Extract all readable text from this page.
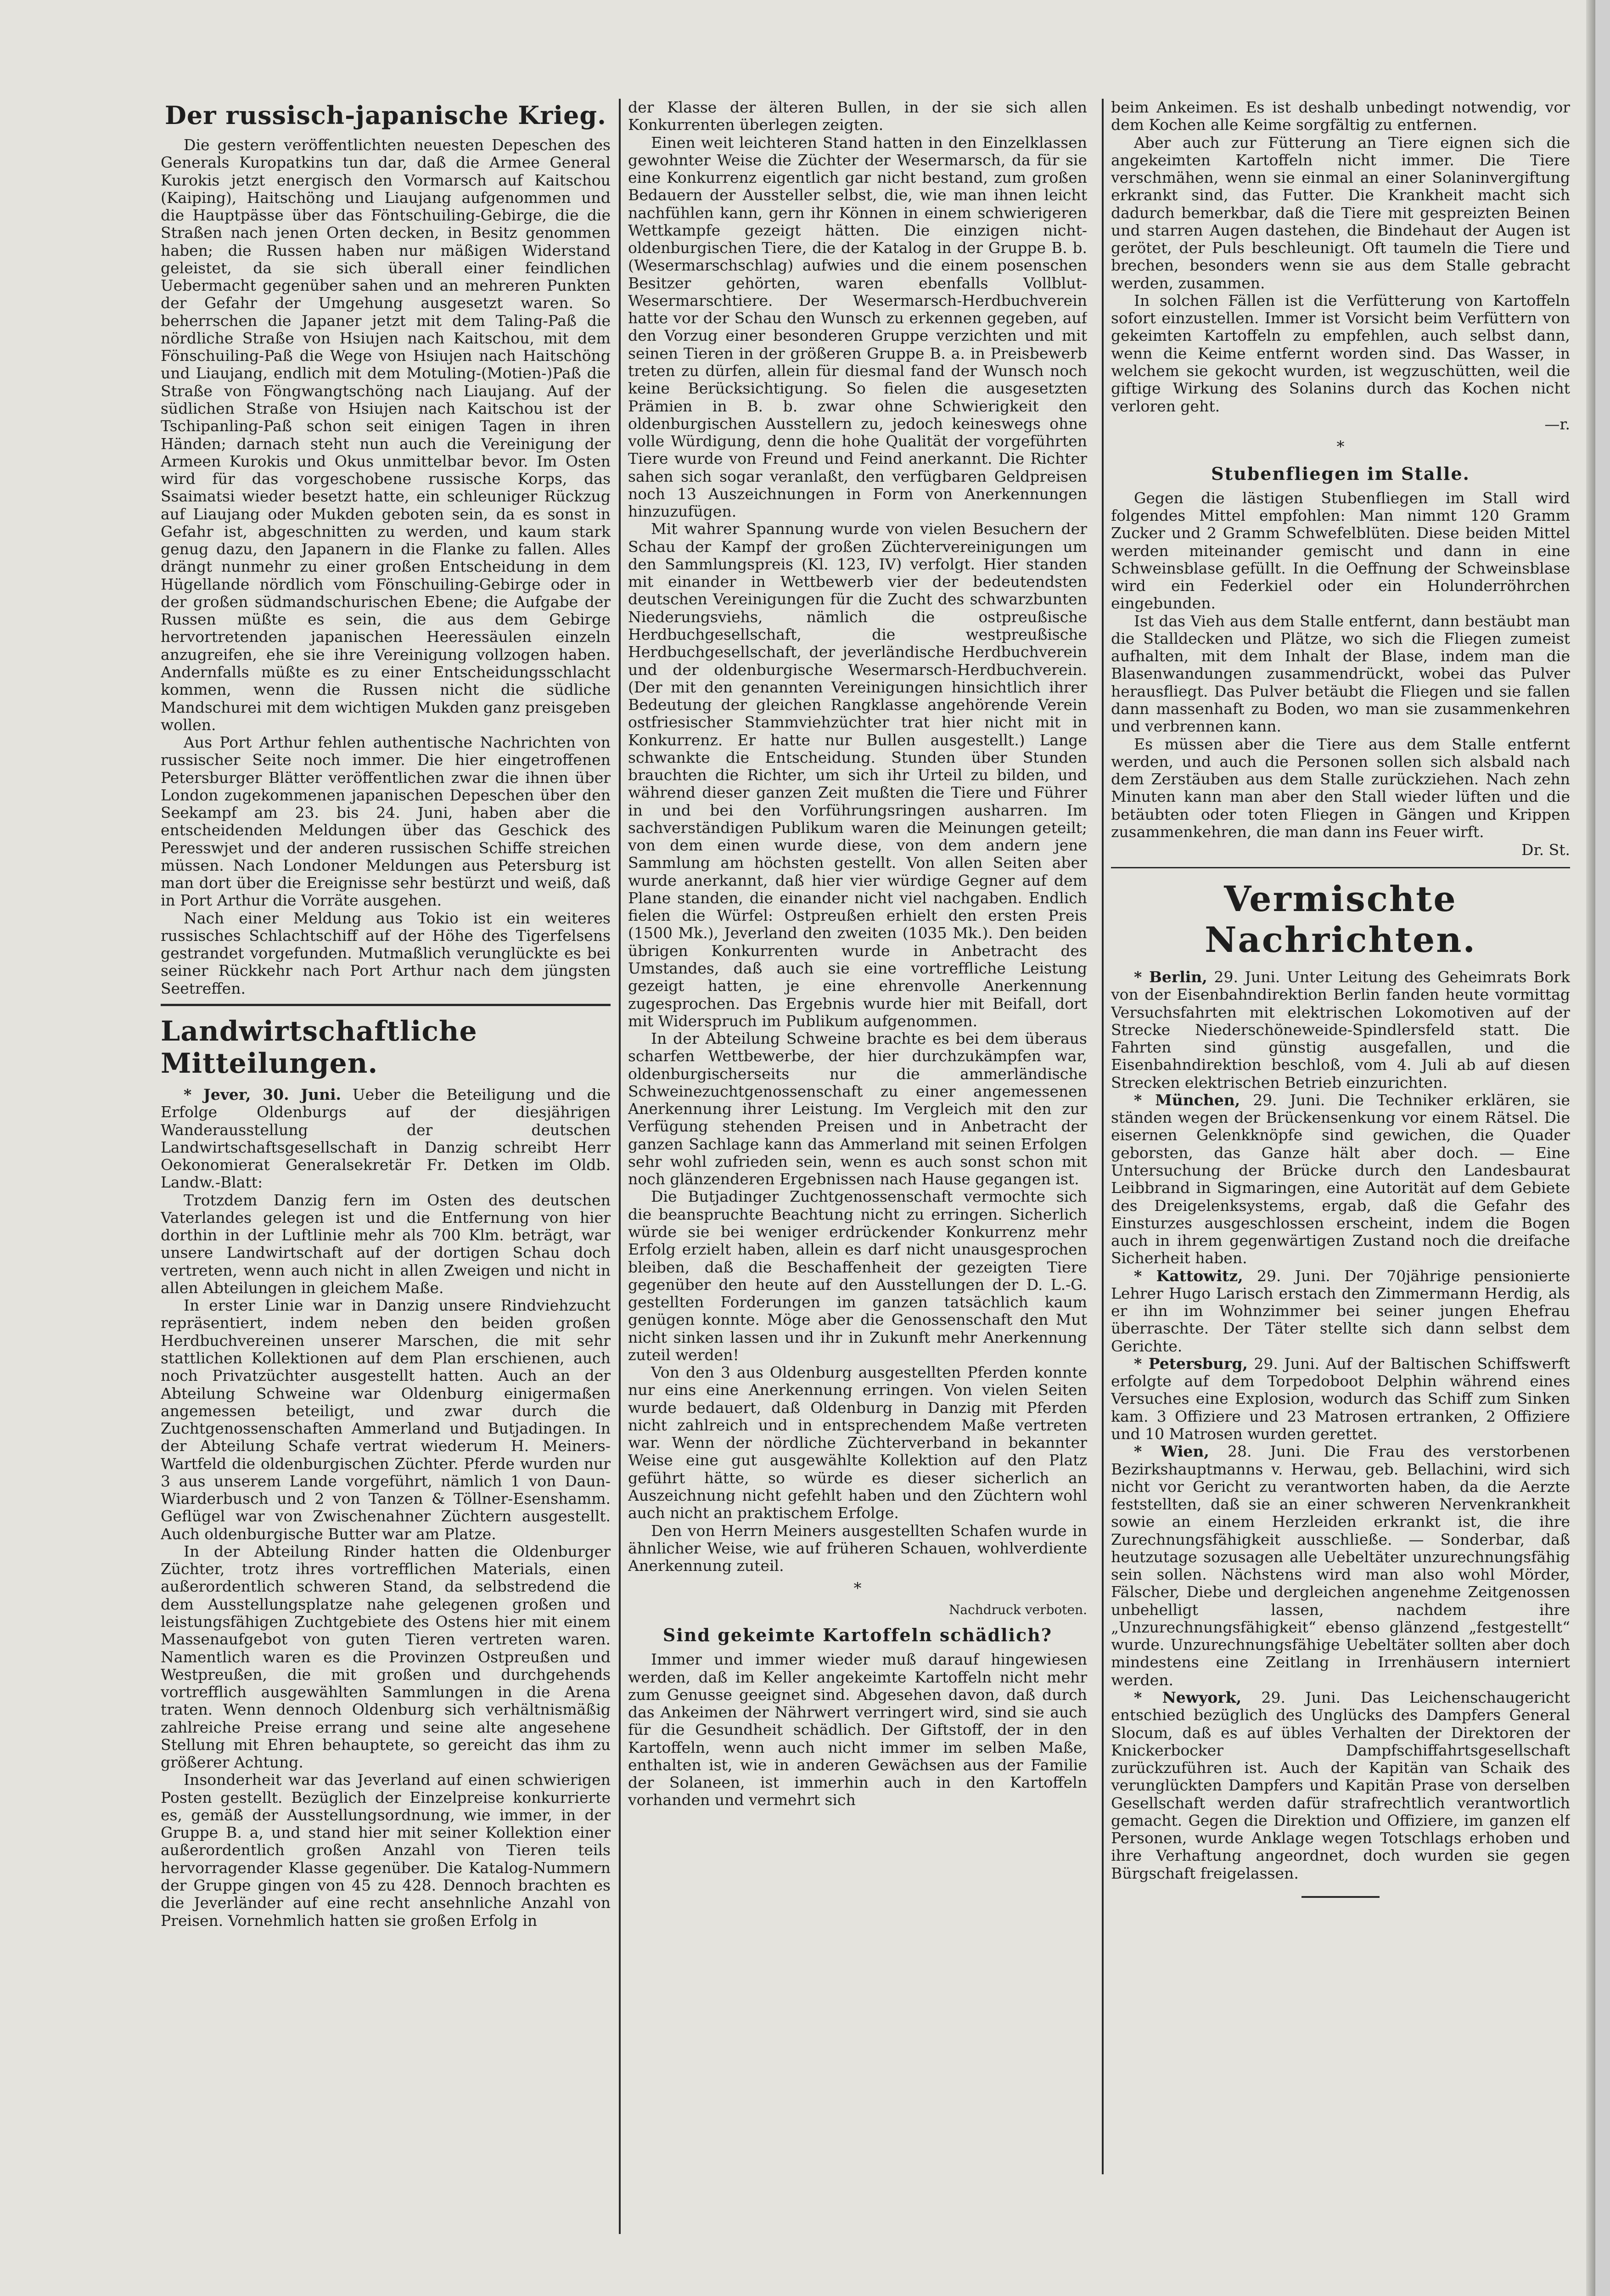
Der russisch-japanische Krieg.

Die gestern veröffentlichten neuesten Depeschen des Generals Kuropatkins tun dar, daß die Armee General Kurokis jetzt energisch den Vormarsch auf Kaitschou (Kaiping), Haitschöng und Liaujang aufgenommen und die Hauptpässe über das Föntschuiling-Gebirge, die die Straßen nach jenen Orten decken, in Besitz genommen haben; die Russen haben nur mäßigen Widerstand geleistet, da sie sich überall einer feindlichen Uebermacht gegenüber sahen und an mehreren Punkten der Gefahr der Umgehung ausgesetzt waren. So beherrschen die Japaner jetzt mit dem Taling-Paß die nördliche Straße von Hsiujen nach Kaitschou, mit dem Fönschuiling-Paß die Wege von Hsiujen nach Haitschöng und Liaujang, endlich mit dem Motuling-(Motien-)Paß die Straße von Föngwangtschöng nach Liaujang. Auf der südlichen Straße von Hsiujen nach Kaitschou ist der Tschipanling-Paß schon seit einigen Tagen in ihren Händen; darnach steht nun auch die Vereinigung der Armeen Kurokis und Okus unmittelbar bevor. Im Osten wird für das vorgeschobene russische Korps, das Ssaimatsi wieder besetzt hatte, ein schleuniger Rückzug auf Liaujang oder Mukden geboten sein, da es sonst in Gefahr ist, abgeschnitten zu werden, und kaum stark genug dazu, den Japanern in die Flanke zu fallen. Alles drängt nunmehr zu einer großen Entscheidung in dem Hügellande nördlich vom Fönschuiling-Gebirge oder in der großen südmandschurischen Ebene; die Aufgabe der Russen müßte es sein, die aus dem Gebirge hervortretenden japanischen Heeressäulen einzeln anzugreifen, ehe sie ihre Vereinigung vollzogen haben. Andernfalls müßte es zu einer Entscheidungsschlacht kommen, wenn die Russen nicht die südliche Mandschurei mit dem wichtigen Mukden ganz preisgeben wollen.

Aus Port Arthur fehlen authentische Nachrichten von russischer Seite noch immer. Die hier eingetroffenen Petersburger Blätter veröffentlichen zwar die ihnen über London zugekommenen japanischen Depeschen über den Seekampf am 23. bis 24. Juni, haben aber die entscheidenden Meldungen über das Geschick des Peresswjet und der anderen russischen Schiffe streichen müssen. Nach Londoner Meldungen aus Petersburg ist man dort über die Ereignisse sehr bestürzt und weiß, daß in Port Arthur die Vorräte ausgehen.

Nach einer Meldung aus Tokio ist ein weiteres russisches Schlachtschiff auf der Höhe des Tigerfelsens gestrandet vorgefunden. Mutmaßlich verunglückte es bei seiner Rückkehr nach Port Arthur nach dem jüngsten Seetreffen.

Landwirtschaftliche Mitteilungen.

* Jever, 30. Juni. Ueber die Beteiligung und die Erfolge Oldenburgs auf der diesjährigen Wanderausstellung der deutschen Landwirtschaftsgesellschaft in Danzig schreibt Herr Oekonomierat Generalsekretär Fr. Detken im Oldb. Landw.-Blatt:

Trotzdem Danzig fern im Osten des deutschen Vaterlandes gelegen ist und die Entfernung von hier dorthin in der Luftlinie mehr als 700 Klm. beträgt, war unsere Landwirtschaft auf der dortigen Schau doch vertreten, wenn auch nicht in allen Zweigen und nicht in allen Abteilungen in gleichem Maße.

In erster Linie war in Danzig unsere Rindviehzucht repräsentiert, indem neben den beiden großen Herdbuchvereinen unserer Marschen, die mit sehr stattlichen Kollektionen auf dem Plan erschienen, auch noch Privatzüchter ausgestellt hatten. Auch an der Abteilung Schweine war Oldenburg einigermaßen angemessen beteiligt, und zwar durch die Zuchtgenossenschaften Ammerland und Butjadingen. In der Abteilung Schafe vertrat wiederum H. Meiners-Wartfeld die oldenburgischen Züchter. Pferde wurden nur 3 aus unserem Lande vorgeführt, nämlich 1 von Daun-Wiarderbusch und 2 von Tanzen & Töllner-Esenshamm. Geflügel war von Zwischenahner Züchtern ausgestellt. Auch oldenburgische Butter war am Platze.

In der Abteilung Rinder hatten die Oldenburger Züchter, trotz ihres vortrefflichen Materials, einen außerordentlich schweren Stand, da selbstredend die dem Ausstellungsplatze nahe gelegenen großen und leistungsfähigen Zuchtgebiete des Ostens hier mit einem Massenaufgebot von guten Tieren vertreten waren. Namentlich waren es die Provinzen Ostpreußen und Westpreußen, die mit großen und durchgehends vortrefflich ausgewählten Sammlungen in die Arena traten. Wenn dennoch Oldenburg sich verhältnismäßig zahlreiche Preise errang und seine alte angesehene Stellung mit Ehren behauptete, so gereicht das ihm zu größerer Achtung.

Insonderheit war das Jeverland auf einen schwierigen Posten gestellt. Bezüglich der Einzelpreise konkurrierte es, gemäß der Ausstellungsordnung, wie immer, in der Gruppe B. a, und stand hier mit seiner Kollektion einer außerordentlich großen Anzahl von Tieren teils hervorragender Klasse gegenüber. Die Katalog-Nummern der Gruppe gingen von 45 zu 428. Dennoch brachten es die Jeverländer auf eine recht ansehnliche Anzahl von Preisen. Vornehmlich hatten sie großen Erfolg in

der Klasse der älteren Bullen, in der sie sich allen Konkurrenten überlegen zeigten.

Einen weit leichteren Stand hatten in den Einzelklassen gewohnter Weise die Züchter der Wesermarsch, da für sie eine Konkurrenz eigentlich gar nicht bestand, zum großen Bedauern der Aussteller selbst, die, wie man ihnen leicht nachfühlen kann, gern ihr Können in einem schwierigeren Wettkampfe gezeigt hätten. Die einzigen nicht-oldenburgischen Tiere, die der Katalog in der Gruppe B. b. (Wesermarschschlag) aufwies und die einem posenschen Besitzer gehörten, waren ebenfalls Vollblut-Wesermarschtiere. Der Wesermarsch-Herdbuchverein hatte vor der Schau den Wunsch zu erkennen gegeben, auf den Vorzug einer besonderen Gruppe verzichten und mit seinen Tieren in der größeren Gruppe B. a. in Preisbewerb treten zu dürfen, allein für diesmal fand der Wunsch noch keine Berücksichtigung. So fielen die ausgesetzten Prämien in B. b. zwar ohne Schwierigkeit den oldenburgischen Ausstellern zu, jedoch keineswegs ohne volle Würdigung, denn die hohe Qualität der vorgeführten Tiere wurde von Freund und Feind anerkannt. Die Richter sahen sich sogar veranlaßt, den verfügbaren Geldpreisen noch 13 Auszeichnungen in Form von Anerkennungen hinzuzufügen.

Mit wahrer Spannung wurde von vielen Besuchern der Schau der Kampf der großen Züchtervereinigungen um den Sammlungspreis (Kl. 123, IV) verfolgt. Hier standen mit einander in Wettbewerb vier der bedeutendsten deutschen Vereinigungen für die Zucht des schwarzbunten Niederungsviehs, nämlich die ostpreußische Herdbuchgesellschaft, die westpreußische Herdbuchgesellschaft, der jeverländische Herdbuchverein und der oldenburgische Wesermarsch-Herdbuchverein. (Der mit den genannten Vereinigungen hinsichtlich ihrer Bedeutung der gleichen Rangklasse angehörende Verein ostfriesischer Stammviehzüchter trat hier nicht mit in Konkurrenz. Er hatte nur Bullen ausgestellt.) Lange schwankte die Entscheidung. Stunden über Stunden brauchten die Richter, um sich ihr Urteil zu bilden, und während dieser ganzen Zeit mußten die Tiere und Führer in und bei den Vorführungsringen ausharren. Im sachverständigen Publikum waren die Meinungen geteilt; von dem einen wurde diese, von dem andern jene Sammlung am höchsten gestellt. Von allen Seiten aber wurde anerkannt, daß hier vier würdige Gegner auf dem Plane standen, die einander nicht viel nachgaben. Endlich fielen die Würfel: Ostpreußen erhielt den ersten Preis (1500 Mk.), Jeverland den zweiten (1035 Mk.). Den beiden übrigen Konkurrenten wurde in Anbetracht des Umstandes, daß auch sie eine vortreffliche Leistung gezeigt hatten, je eine ehrenvolle Anerkennung zugesprochen. Das Ergebnis wurde hier mit Beifall, dort mit Widerspruch im Publikum aufgenommen.

In der Abteilung Schweine brachte es bei dem überaus scharfen Wettbewerbe, der hier durchzukämpfen war, oldenburgischerseits nur die ammerländische Schweinezuchtgenossenschaft zu einer angemessenen Anerkennung ihrer Leistung. Im Vergleich mit den zur Verfügung stehenden Preisen und in Anbetracht der ganzen Sachlage kann das Ammerland mit seinen Erfolgen sehr wohl zufrieden sein, wenn es auch sonst schon mit noch glänzenderen Ergebnissen nach Hause gegangen ist.

Die Butjadinger Zuchtgenossenschaft vermochte sich die beanspruchte Beachtung nicht zu erringen. Sicherlich würde sie bei weniger erdrückender Konkurrenz mehr Erfolg erzielt haben, allein es darf nicht unausgesprochen bleiben, daß die Beschaffenheit der gezeigten Tiere gegenüber den heute auf den Ausstellungen der D. L.-G. gestellten Forderungen im ganzen tatsächlich kaum genügen konnte. Möge aber die Genossenschaft den Mut nicht sinken lassen und ihr in Zukunft mehr Anerkennung zuteil werden!

Von den 3 aus Oldenburg ausgestellten Pferden konnte nur eins eine Anerkennung erringen. Von vielen Seiten wurde bedauert, daß Oldenburg in Danzig mit Pferden nicht zahlreich und in entsprechendem Maße vertreten war. Wenn der nördliche Züchterverband in bekannter Weise eine gut ausgewählte Kollektion auf den Platz geführt hätte, so würde es dieser sicherlich an Auszeichnung nicht gefehlt haben und den Züchtern wohl auch nicht an praktischem Erfolge.

Den von Herrn Meiners ausgestellten Schafen wurde in ähnlicher Weise, wie auf früheren Schauen, wohlverdiente Anerkennung zuteil.

*
Nachdruck verboten.
Sind gekeimte Kartoffeln schädlich?

Immer und immer wieder muß darauf hingewiesen werden, daß im Keller angekeimte Kartoffeln nicht mehr zum Genusse geeignet sind. Abgesehen davon, daß durch das Ankeimen der Nährwert verringert wird, sind sie auch für die Gesundheit schädlich. Der Giftstoff, der in den Kartoffeln, wenn auch nicht immer im selben Maße, enthalten ist, wie in anderen Gewächsen aus der Familie der Solaneen, ist immerhin auch in den Kartoffeln vorhanden und vermehrt sich

beim Ankeimen. Es ist deshalb unbedingt notwendig, vor dem Kochen alle Keime sorgfältig zu entfernen.

Aber auch zur Fütterung an Tiere eignen sich die angekeimten Kartoffeln nicht immer. Die Tiere verschmähen, wenn sie einmal an einer Solaninvergiftung erkrankt sind, das Futter. Die Krankheit macht sich dadurch bemerkbar, daß die Tiere mit gespreizten Beinen und starren Augen dastehen, die Bindehaut der Augen ist gerötet, der Puls beschleunigt. Oft taumeln die Tiere und brechen, besonders wenn sie aus dem Stalle gebracht werden, zusammen.

In solchen Fällen ist die Verfütterung von Kartoffeln sofort einzustellen. Immer ist Vorsicht beim Verfüttern von gekeimten Kartoffeln zu empfehlen, auch selbst dann, wenn die Keime entfernt worden sind. Das Wasser, in welchem sie gekocht wurden, ist wegzuschütten, weil die giftige Wirkung des Solanins durch das Kochen nicht verloren geht.

—r.
*
Stubenfliegen im Stalle.

Gegen die lästigen Stubenfliegen im Stall wird folgendes Mittel empfohlen: Man nimmt 120 Gramm Zucker und 2 Gramm Schwefelblüten. Diese beiden Mittel werden miteinander gemischt und dann in eine Schweinsblase gefüllt. In die Oeffnung der Schweinsblase wird ein Federkiel oder ein Holunderröhrchen eingebunden.

Ist das Vieh aus dem Stalle entfernt, dann bestäubt man die Stalldecken und Plätze, wo sich die Fliegen zumeist aufhalten, mit dem Inhalt der Blase, indem man die Blasenwandungen zusammendrückt, wobei das Pulver herausfliegt. Das Pulver betäubt die Fliegen und sie fallen dann massenhaft zu Boden, wo man sie zusammenkehren und verbrennen kann.

Es müssen aber die Tiere aus dem Stalle entfernt werden, und auch die Personen sollen sich alsbald nach dem Zerstäuben aus dem Stalle zurückziehen. Nach zehn Minuten kann man aber den Stall wieder lüften und die betäubten oder toten Fliegen in Gängen und Krippen zusammenkehren, die man dann ins Feuer wirft.

Dr. St.
Vermischte Nachrichten.

* Berlin, 29. Juni. Unter Leitung des Geheimrats Bork von der Eisenbahndirektion Berlin fanden heute vormittag Versuchsfahrten mit elektrischen Lokomotiven auf der Strecke Niederschöneweide-Spindlersfeld statt. Die Fahrten sind günstig ausgefallen, und die Eisenbahndirektion beschloß, vom 4. Juli ab auf diesen Strecken elektrischen Betrieb einzurichten.

* München, 29. Juni. Die Techniker erklären, sie ständen wegen der Brückensenkung vor einem Rätsel. Die eisernen Gelenkknöpfe sind gewichen, die Quader geborsten, das Ganze hält aber doch. — Eine Untersuchung der Brücke durch den Landesbaurat Leibbrand in Sigmaringen, eine Autorität auf dem Gebiete des Dreigelenksystems, ergab, daß die Gefahr des Einsturzes ausgeschlossen erscheint, indem die Bogen auch in ihrem gegenwärtigen Zustand noch die dreifache Sicherheit haben.

* Kattowitz, 29. Juni. Der 70jährige pensionierte Lehrer Hugo Larisch erstach den Zimmermann Herdig, als er ihn im Wohnzimmer bei seiner jungen Ehefrau überraschte. Der Täter stellte sich dann selbst dem Gerichte.

* Petersburg, 29. Juni. Auf der Baltischen Schiffswerft erfolgte auf dem Torpedoboot Delphin während eines Versuches eine Explosion, wodurch das Schiff zum Sinken kam. 3 Offiziere und 23 Matrosen ertranken, 2 Offiziere und 10 Matrosen wurden gerettet.

* Wien, 28. Juni. Die Frau des verstorbenen Bezirkshauptmanns v. Herwau, geb. Bellachini, wird sich nicht vor Gericht zu verantworten haben, da die Aerzte feststellten, daß sie an einer schweren Nervenkrankheit sowie an einem Herzleiden erkrankt ist, die ihre Zurechnungsfähigkeit ausschließe. — Sonderbar, daß heutzutage sozusagen alle Uebeltäter unzurechnungsfähig sein sollen. Nächstens wird man also wohl Mörder, Fälscher, Diebe und dergleichen angenehme Zeitgenossen unbehelligt lassen, nachdem ihre „Unzurechnungsfähigkeit“ ebenso glänzend „festgestellt“ wurde. Unzurechnungsfähige Uebeltäter sollten aber doch mindestens eine Zeitlang in Irrenhäusern interniert werden.

* Newyork, 29. Juni. Das Leichenschaugericht entschied bezüglich des Unglücks des Dampfers General Slocum, daß es auf übles Verhalten der Direktoren der Knickerbocker Dampfschiffahrtsgesellschaft zurückzuführen ist. Auch der Kapitän van Schaik des verunglückten Dampfers und Kapitän Prase von derselben Gesellschaft werden dafür strafrechtlich verantwortlich gemacht. Gegen die Direktion und Offiziere, im ganzen elf Personen, wurde Anklage wegen Totschlags erhoben und ihre Verhaftung angeordnet, doch wurden sie gegen Bürgschaft freigelassen.
